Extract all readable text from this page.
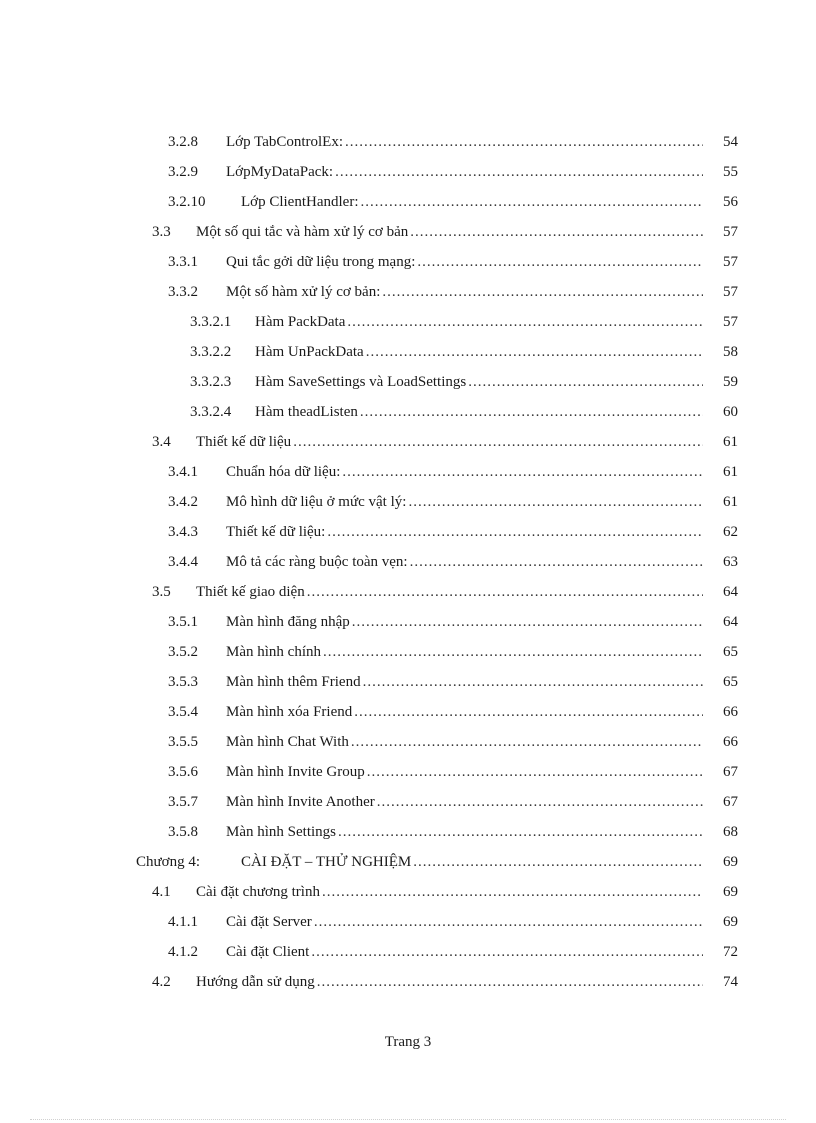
3.2.8 Lớp TabControlEx: .....	54
3.2.9 LớpMyDataPack: .....	55
3.2.10 Lớp ClientHandler: .....	56
3.3 Một số qui tắc và hàm xử lý cơ bản .....	57
3.3.1 Qui tắc gởi dữ liệu trong mạng: .....	57
3.3.2 Một số hàm xử lý cơ bản: .....	57
3.3.2.1 Hàm PackData .....	57
3.3.2.2 Hàm UnPackData .....	58
3.3.2.3 Hàm SaveSettings và LoadSettings .....	59
3.3.2.4 Hàm theadListen .....	60
3.4 Thiết kế dữ liệu .....	61
3.4.1 Chuẩn hóa dữ liệu: .....	61
3.4.2 Mô hình dữ liệu ở mức vật lý: .....	61
3.4.3 Thiết kế dữ liệu: .....	62
3.4.4 Mô tả các ràng buộc toàn vẹn: .....	63
3.5 Thiết kế giao diện .....	64
3.5.1 Màn hình đăng nhập .....	64
3.5.2 Màn hình chính .....	65
3.5.3 Màn hình thêm Friend .....	65
3.5.4 Màn hình xóa Friend .....	66
3.5.5 Màn hình Chat With .....	66
3.5.6 Màn hình Invite Group .....	67
3.5.7 Màn hình Invite Another .....	67
3.5.8 Màn hình Settings .....	68
Chương 4:	CÀI ĐẶT – THỬ NGHIỆM .....	69
4.1 Cài đặt chương trình .....	69
4.1.1 Cài đặt Server .....	69
4.1.2 Cài đặt Client .....	72
4.2 Hướng dẫn sử dụng .....	74
Trang 3
